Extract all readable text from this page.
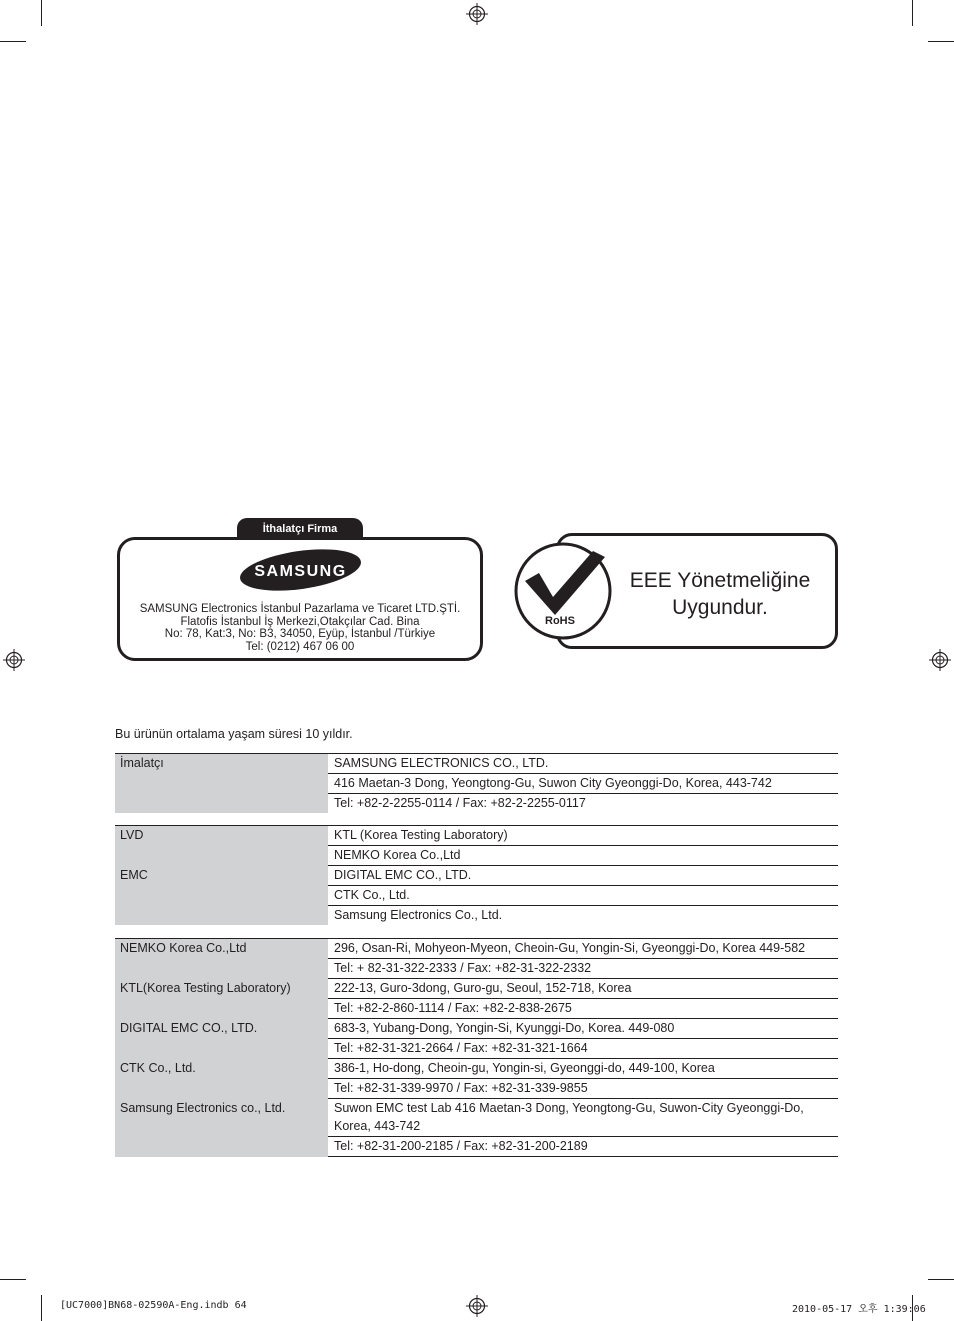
İthalatçı Firma
SAMSUNG
SAMSUNG Electronics İstanbul Pazarlama ve Ticaret LTD.ŞTİ.
Flatofis İstanbul İş Merkezi,Otakçılar Cad. Bina
No: 78, Kat:3, No: B3, 34050, Eyüp, İstanbul /Türkiye
Tel: (0212) 467 06 00
RoHS
EEE Yönetmeliğine
Uygundur.
Bu ürünün ortalama yaşam süresi 10 yıldır.
İmalatçı	SAMSUNG ELECTRONICS CO., LTD.
416 Maetan-3 Dong, Yeongtong-Gu, Suwon City Gyeonggi-Do, Korea, 443-742
Tel: +82-2-2255-0114 / Fax: +82-2-2255-0117
LVD	KTL (Korea Testing Laboratory)
	NEMKO Korea Co.,Ltd
EMC	DIGITAL EMC CO., LTD.
	CTK Co., Ltd.
	Samsung Electronics Co., Ltd.
NEMKO Korea Co.,Ltd	296, Osan-Ri, Mohyeon-Myeon, Cheoin-Gu, Yongin-Si, Gyeonggi-Do, Korea 449-582
	Tel: + 82-31-322-2333 / Fax: +82-31-322-2332
KTL(Korea Testing Laboratory)	222-13, Guro-3dong, Guro-gu, Seoul, 152-718, Korea
	Tel: +82-2-860-1114 / Fax: +82-2-838-2675
DIGITAL EMC CO., LTD.	683-3, Yubang-Dong, Yongin-Si, Kyunggi-Do, Korea. 449-080
	Tel: +82-31-321-2664 / Fax: +82-31-321-1664
CTK Co., Ltd.	386-1, Ho-dong, Cheoin-gu, Yongin-si, Gyeonggi-do, 449-100, Korea
	Tel: +82-31-339-9970 / Fax: +82-31-339-9855
Samsung Electronics co., Ltd.	Suwon EMC test Lab 416 Maetan-3 Dong, Yeongtong-Gu, Suwon-City Gyeonggi-Do, Korea, 443-742
	Tel: +82-31-200-2185 / Fax: +82-31-200-2189
[UC7000]BN68-02590A-Eng.indb 64	2010-05-17 오후 1:39:06
